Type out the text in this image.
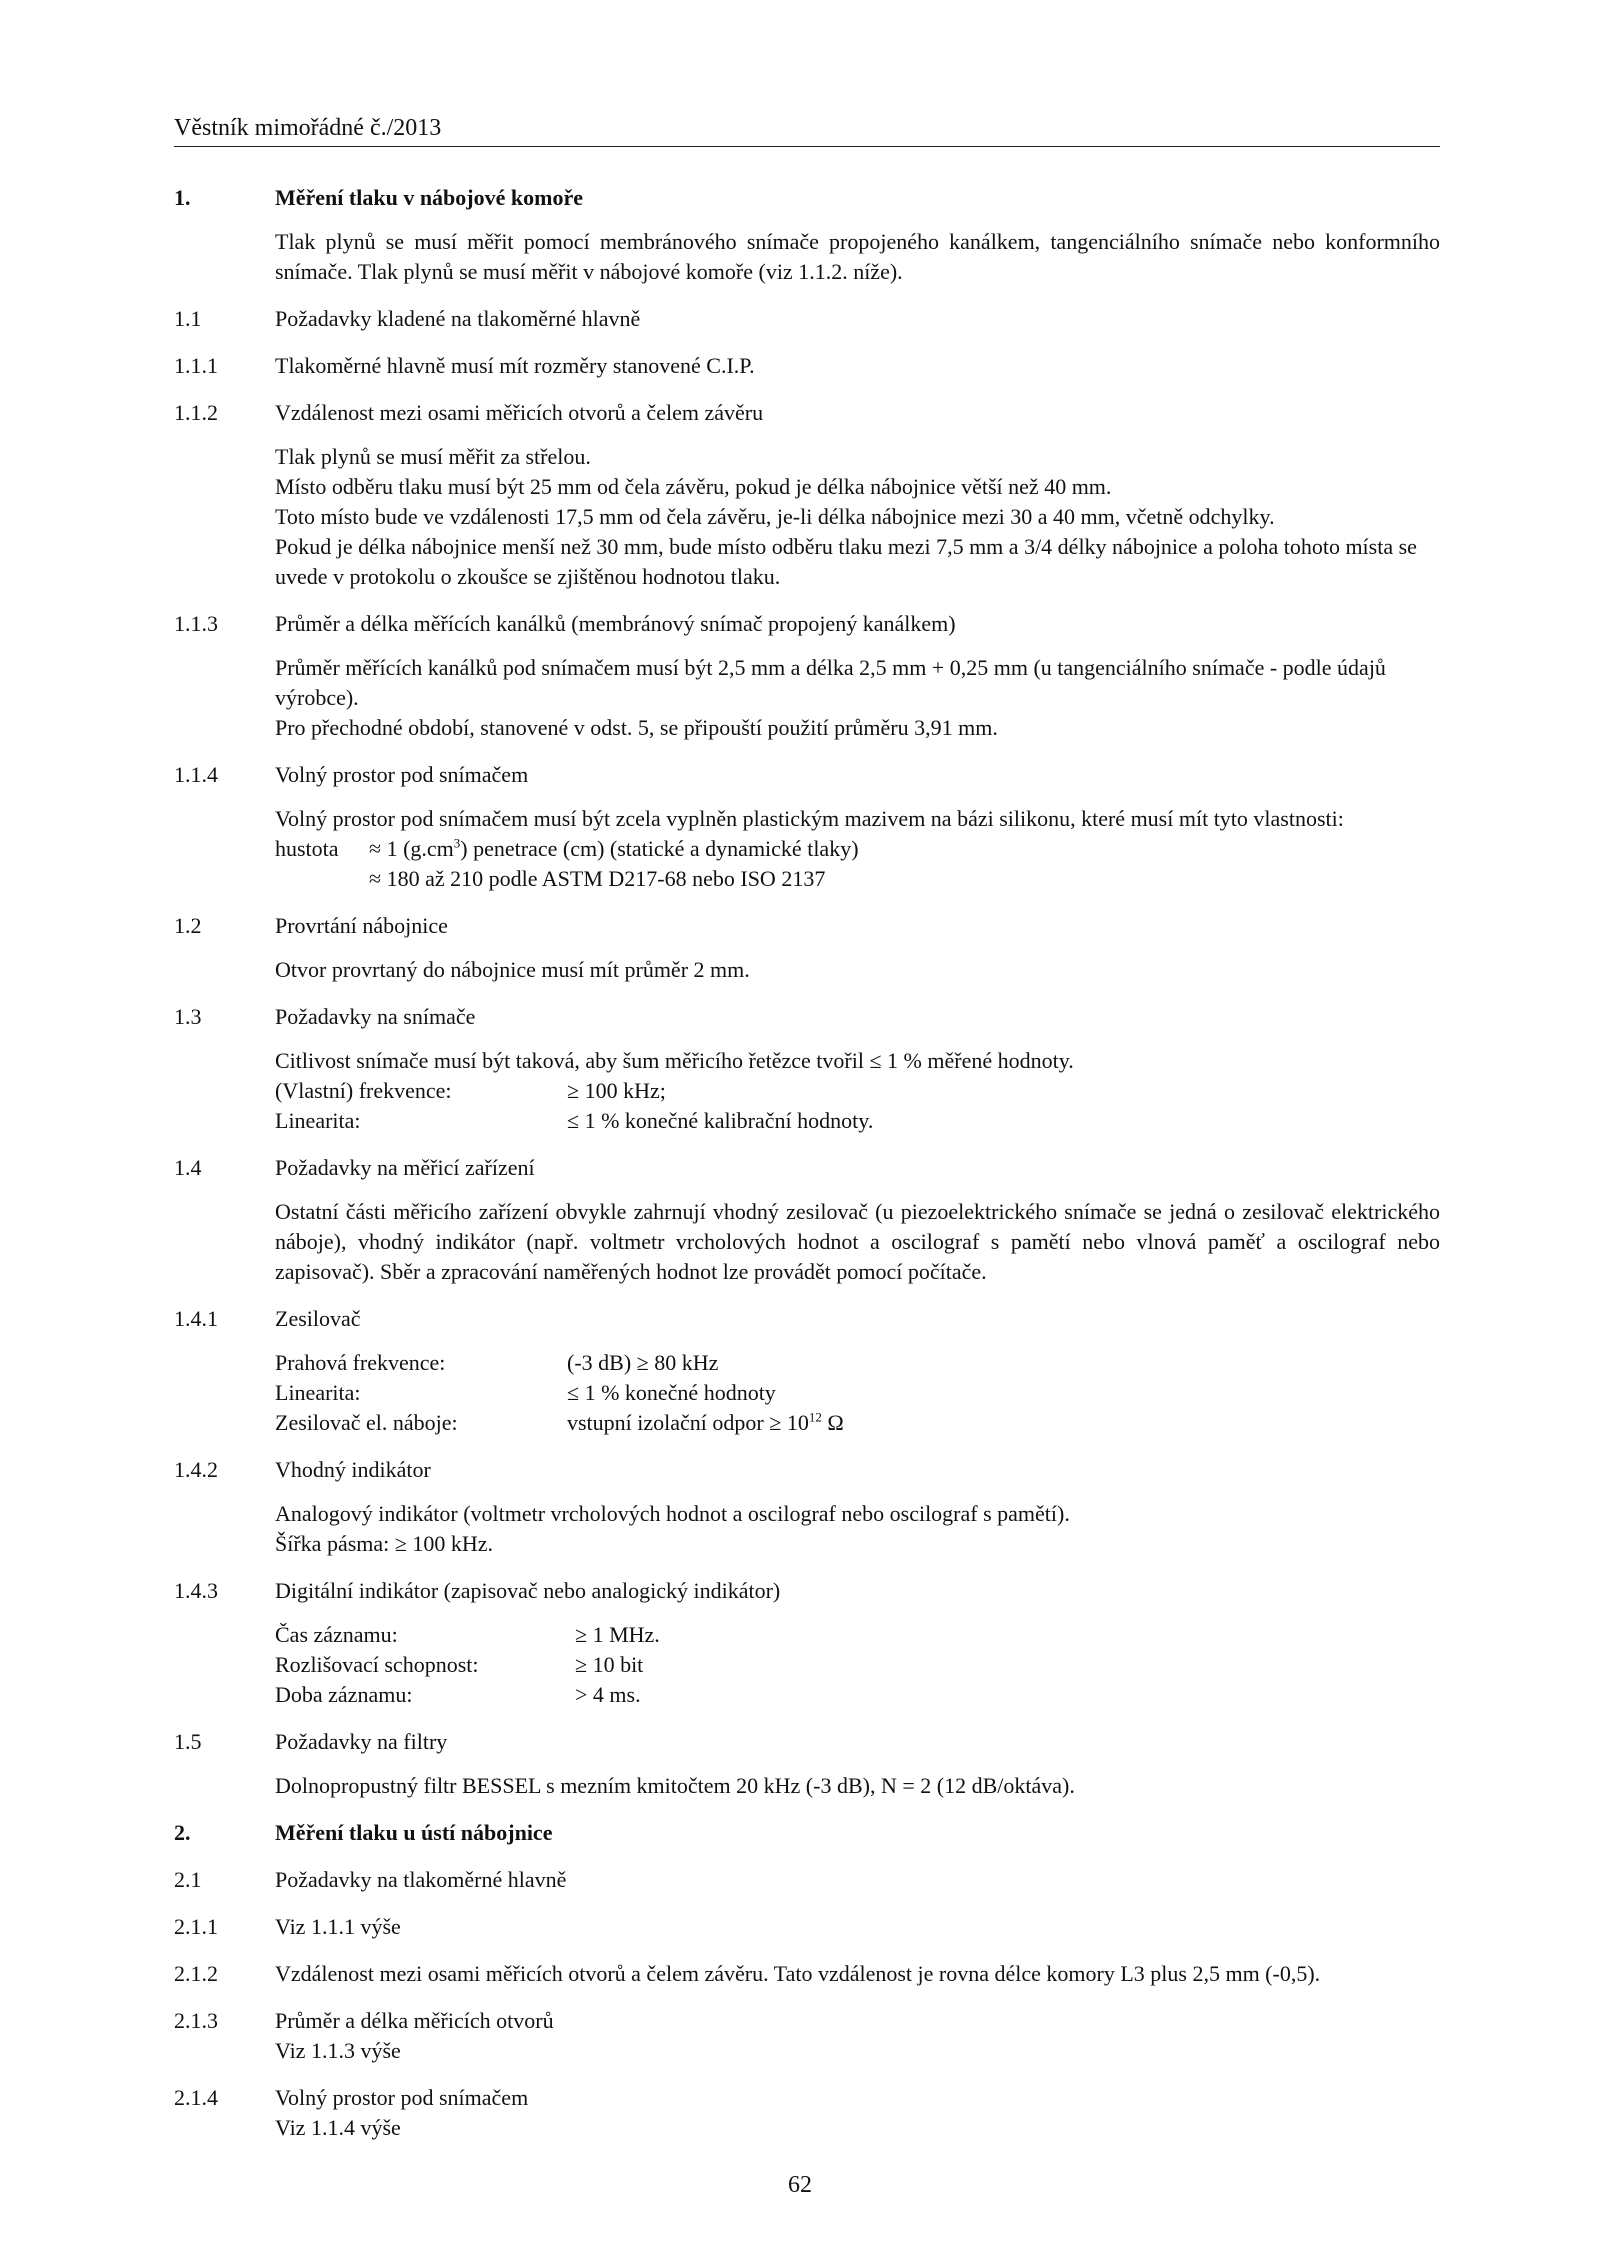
Věstník mimořádné č./2013
1.	Měření tlaku v nábojové komoře

Tlak plynů se musí měřit pomocí membránového snímače propojeného kanálkem, tangenciálního snímače nebo konformního snímače. Tlak plynů se musí měřit v nábojové komoře (viz 1.1.2. níže).

1.1	Požadavky kladené na tlakoměrné hlavně
1.1.1	Tlakoměrné hlavně musí mít rozměry stanovené C.I.P.
1.1.2	Vzdálenost mezi osami měřicích otvorů a čelem závěru

Tlak plynů se musí měřit za střelou.

Místo odběru tlaku musí být 25 mm od čela závěru, pokud je délka nábojnice větší než 40 mm.

Toto místo bude ve vzdálenosti 17,5 mm od čela závěru, je-li délka nábojnice mezi 30 a 40 mm, včetně odchylky.

Pokud je délka nábojnice menší než 30 mm, bude místo odběru tlaku mezi 7,5 mm a 3/4 délky nábojnice a poloha tohoto místa se uvede v protokolu o zkoušce se zjištěnou hodnotou tlaku.

1.1.3	Průměr a délka měřících kanálků (membránový snímač propojený kanálkem)

Průměr měřících kanálků pod snímačem musí být 2,5 mm a délka 2,5 mm + 0,25 mm (u tangenciálního snímače - podle údajů výrobce).

Pro přechodné období, stanovené v odst. 5, se připouští použití průměru 3,91 mm.

1.1.4	Volný prostor pod snímačem

Volný prostor pod snímačem musí být zcela vyplněn plastickým mazivem na bázi silikonu, které musí mít tyto vlastnosti:

hustota	≈ 1 $(g.cm^3)$ penetrace (cm) (statické a dynamické tlaky)
≈ 180 až 210 podle ASTM D217-68 nebo ISO 2137
1.2	Provrtání nábojnice

Otvor provrtaný do nábojnice musí mít průměr 2 mm.

1.3	Požadavky na snímače

Citlivost snímače musí být taková, aby šum měřicího řetězce tvořil ≤ 1 % měřené hodnoty.

(Vlastní) frekvence:	≥ 100 kHz;
Linearita:	≤ 1 % konečné kalibrační hodnoty.
1.4	Požadavky na měřicí zařízení

Ostatní části měřicího zařízení obvykle zahrnují vhodný zesilovač (u piezoelektrického snímače se jedná o zesilovač elektrického náboje), vhodný indikátor (např. voltmetr vrcholových hodnot a oscilograf s pamětí nebo vlnová paměť a oscilograf nebo zapisovač). Sběr a zpracování naměřených hodnot lze provádět pomocí počítače.

1.4.1	Zesilovač
Prahová frekvence:	(-3 dB) ≥ 80 kHz
Linearita:	≤ 1 % konečné hodnoty
Zesilovač el. náboje:	vstupní izolační odpor ≥ $10^{12}$ Ω
1.4.2	Vhodný indikátor

Analogový indikátor (voltmetr vrcholových hodnot a oscilograf nebo oscilograf s pamětí).

Šířka pásma: ≥ 100 kHz.

1.4.3	Digitální indikátor (zapisovač nebo analogický indikátor)
Čas záznamu:	≥ 1 MHz.
Rozlišovací schopnost:	≥ 10 bit
Doba záznamu:	> 4 ms.
1.5	Požadavky na filtry

Dolnopropustný filtr BESSEL s mezním kmitočtem 20 kHz (-3 dB), N = 2 (12 dB/oktáva).

2.	Měření tlaku u ústí nábojnice
2.1	Požadavky na tlakoměrné hlavně
2.1.1	Viz 1.1.1 výše
2.1.2	Vzdálenost mezi osami měřicích otvorů a čelem závěru. Tato vzdálenost je rovna délce komory L3 plus 2,5 mm (-0,5).
2.1.3	Průměr a délka měřicích otvorů
Viz 1.1.3 výše
2.1.4	Volný prostor pod snímačem
Viz 1.1.4 výše
62
